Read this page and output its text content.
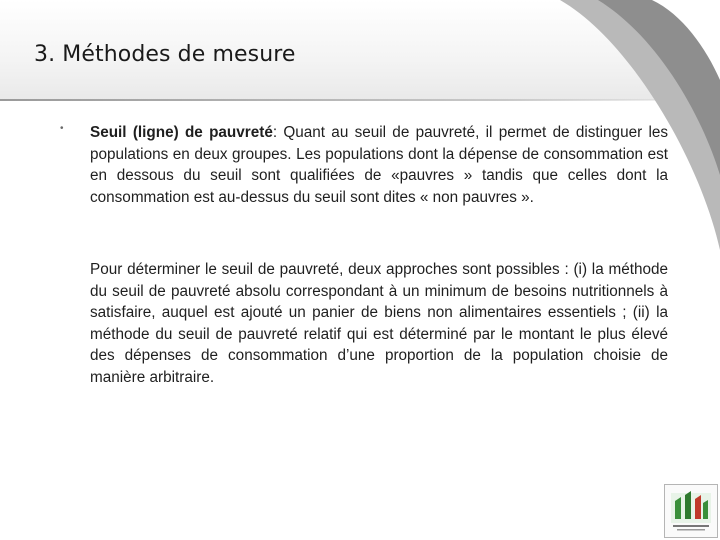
3. Méthodes de mesure
• Seuil (ligne) de pauvreté: Quant au seuil de pauvreté, il permet de distinguer les populations en deux groupes. Les populations dont la dépense de consommation est en dessous du seuil sont qualifiées de «pauvres » tandis que celles dont la consommation est au-dessus du seuil sont dites « non pauvres ».

Pour déterminer le seuil de pauvreté, deux approches sont possibles : (i) la méthode du seuil de pauvreté absolu correspondant à un minimum de besoins nutritionnels à satisfaire, auquel est ajouté un panier de biens non alimentaires essentiels ; (ii) la méthode du seuil de pauvreté relatif qui est déterminé par le montant le plus élevé des dépenses de consommation d’une proportion de la population choisie de manière arbitraire.
